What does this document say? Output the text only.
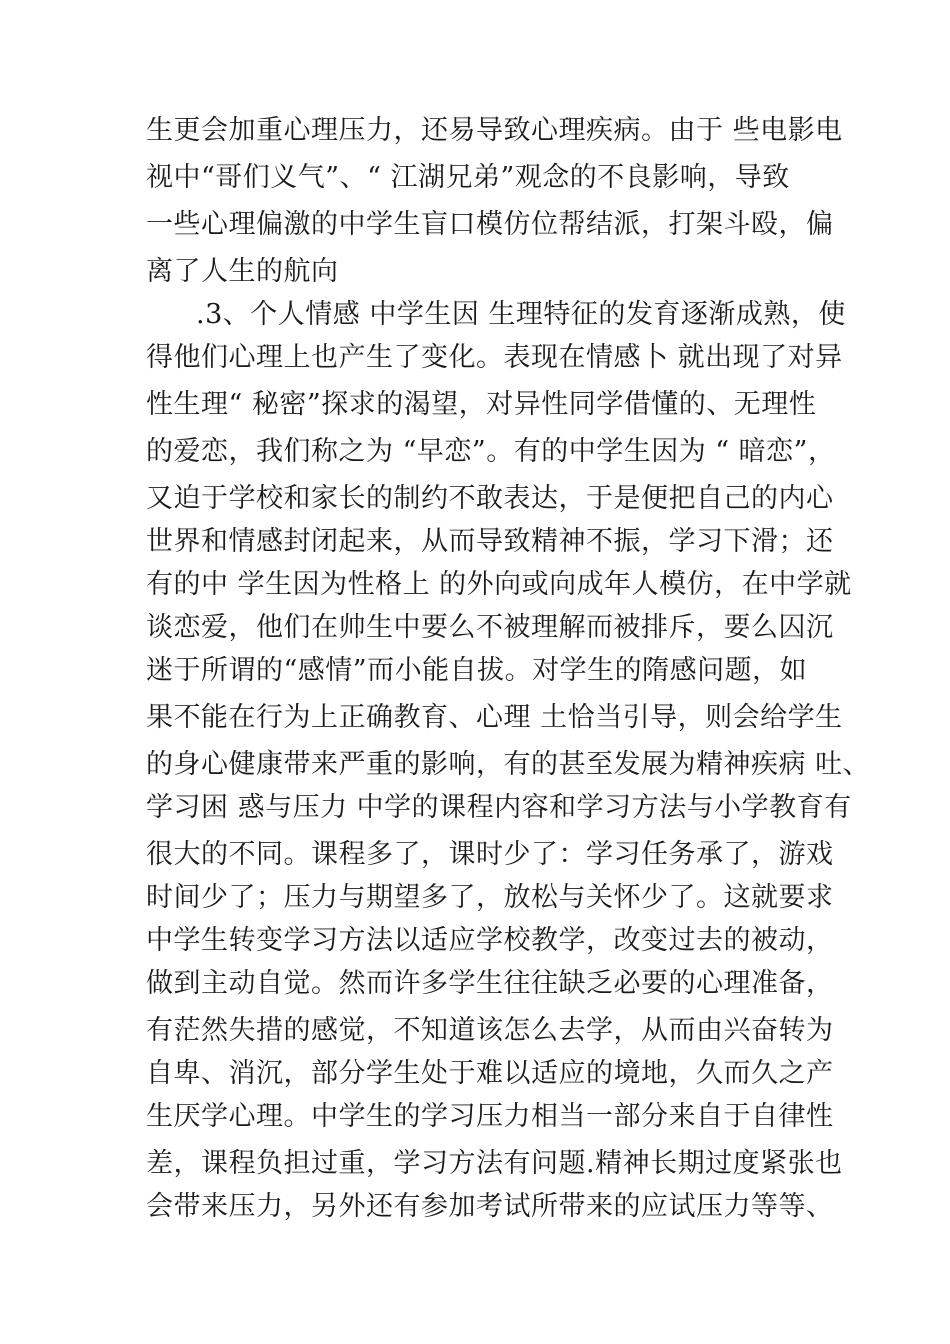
生更会加重心理压力，还易导致心理疾病。由于 些电影电
视中“哥们义气”、“ 江湖兄弟”观念的不良影响，导致
一些心理偏激的中学生盲口模仿位帮结派，打架斗殴，偏
离了人生的航向
.3、个人情感 中学生因 生理特征的发育逐渐成熟，使
得他们心理上也产生了变化。表现在情感卜 就出现了对异
性生理“ 秘密”探求的渴望，对异性同学借懂的、无理性
的爱恋，我们称之为 “早恋”。有的中学生因为 “ 暗恋”，
又迫于学校和家长的制约不敢表达，于是便把自己的内心
世界和情感封闭起来，从而导致精神不振，学习下滑；还
有的中 学生因为性格上 的外向或向成年人模仿，在中学就
谈恋爱，他们在帅生中要么不被理解而被排斥，要么囚沉
迷于所谓的“感情”而小能自拔。对学生的隋感问题，如
果不能在行为上正确教育、心理 土恰当引导，则会给学生
的身心健康带来严重的影响，有的甚至发展为精神疾病 吐、
学习困 惑与压力 中学的课程内容和学习方法与小学教育有
很大的不同。课程多了，课时少了：学习任务承了，游戏
时间少了；压力与期望多了，放松与关怀少了。这就要求
中学生转变学习方法以适应学校教学，改变过去的被动，
做到主动自觉。然而许多学生往往缺乏必要的心理准备，
有茫然失措的感觉，不知道该怎么去学，从而由兴奋转为
自卑、消沉，部分学生处于难以适应的境地，久而久之产
生厌学心理。中学生的学习压力相当一部分来自于自律性
差，课程负担过重，学习方法有问题.精神长期过度紧张也
会带来压力，另外还有参加考试所带来的应试压力等等、
